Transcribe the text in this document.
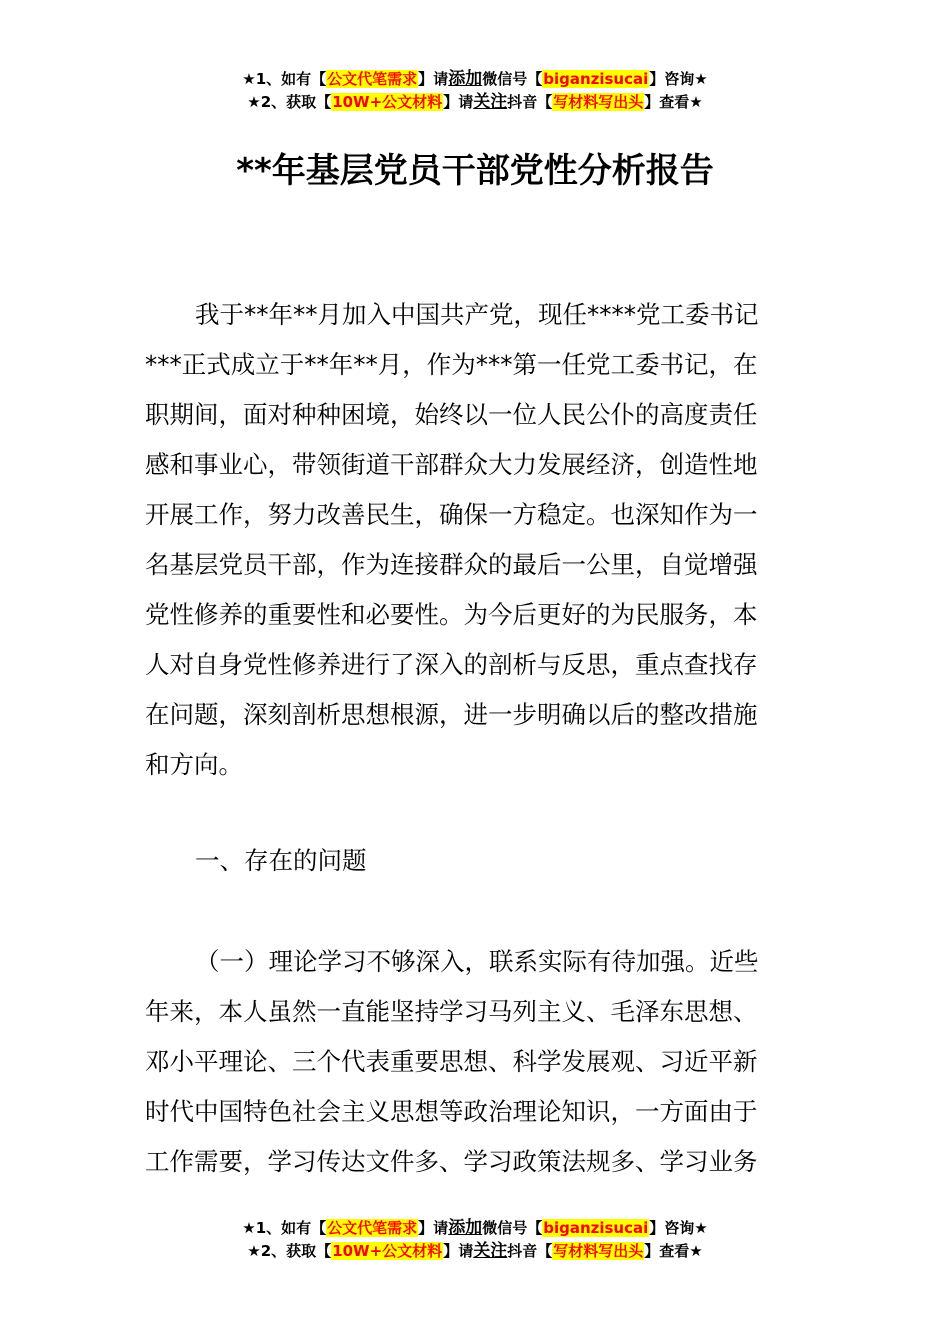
★1、如有【公文代笔需求】请添加微信号【biganzisucai】咨询★
★2、获取【10W+公文材料】请关注抖音【写材料写出头】查看★
**年基层党员干部党性分析报告
我于**年**月加入中国共产党，现任****党工委书记
***正式成立于**年**月，作为***第一任党工委书记，在
职期间，面对种种困境，始终以一位人民公仆的高度责任
感和事业心，带领街道干部群众大力发展经济，创造性地
开展工作，努力改善民生，确保一方稳定。也深知作为一
名基层党员干部，作为连接群众的最后一公里，自觉增强
党性修养的重要性和必要性。为今后更好的为民服务，本
人对自身党性修养进行了深入的剖析与反思，重点查找存
在问题，深刻剖析思想根源，进一步明确以后的整改措施
和方向。
一、存在的问题
（一）理论学习不够深入，联系实际有待加强。近些
年来，本人虽然一直能坚持学习马列主义、毛泽东思想、
邓小平理论、三个代表重要思想、科学发展观、习近平新
时代中国特色社会主义思想等政治理论知识，一方面由于
工作需要，学习传达文件多、学习政策法规多、学习业务
★1、如有【公文代笔需求】请添加微信号【biganzisucai】咨询★
★2、获取【10W+公文材料】请关注抖音【写材料写出头】查看★
